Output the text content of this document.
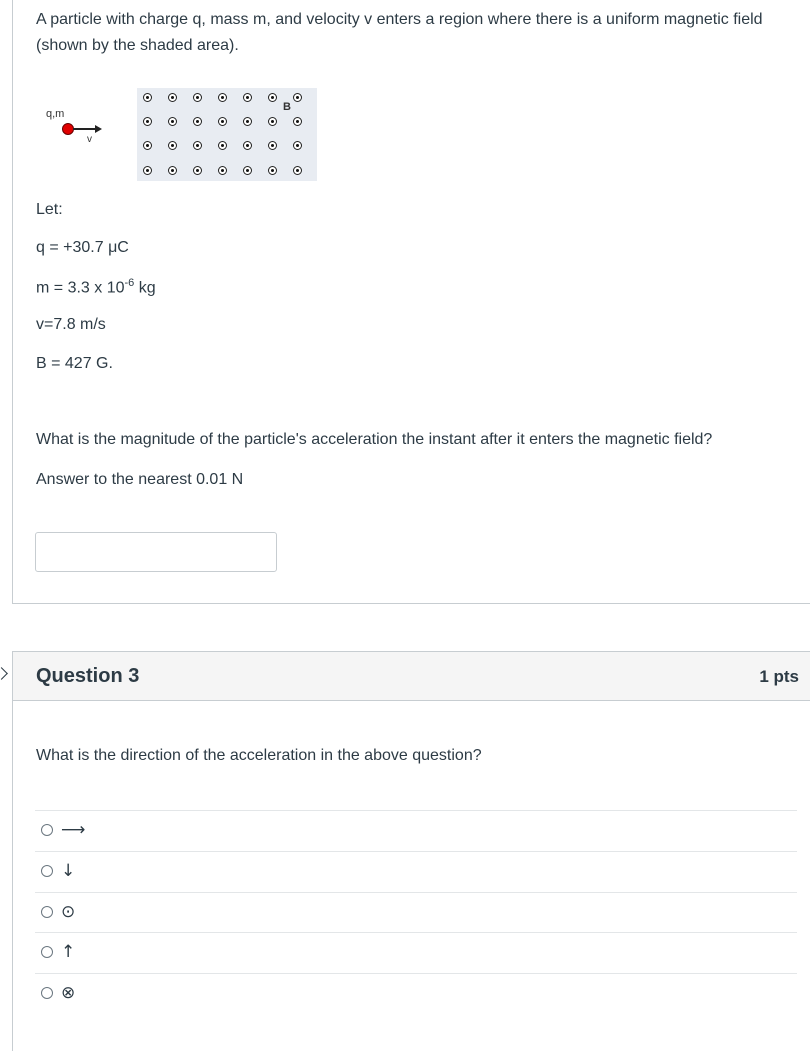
A particle with charge q, mass m, and velocity v enters a region where there is a uniform magnetic field (shown by the shaded area).

q,m
v
B

Let:

q = +30.7 μC

m = 3.3 x $10^{-6}$ kg

v=7.8 m/s

B = 427 G.

What is the magnitude of the particle's acceleration the instant after it enters the magnetic field?

Answer to the nearest 0.01 N

Question 3	1 pts

What is the direction of the acceleration in the above question?

⟶
↓
⊙
↑
⊗
